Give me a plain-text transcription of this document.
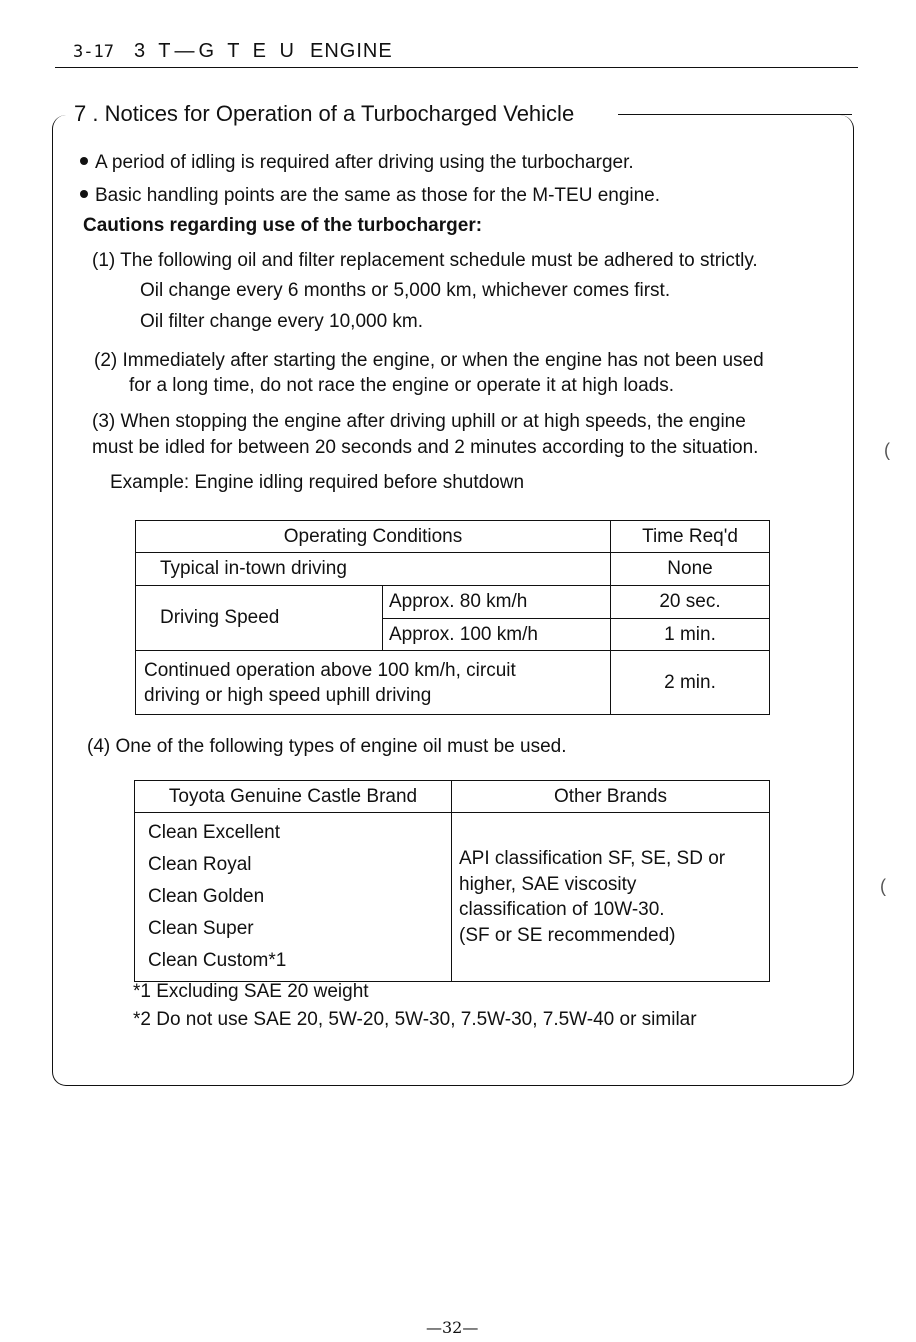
3-17 3 T—G T E U ENGINE
7 . Notices for Operation of a Turbocharged Vehicle
A period of idling is required after driving using the turbocharger.
Basic handling points are the same as those for the M-TEU engine.
Cautions regarding use of the turbocharger:
(1) The following oil and filter replacement schedule must be adhered to strictly.
Oil change every 6 months or 5,000 km, whichever comes first.
Oil filter change every 10,000 km.
(2) Immediately after starting the engine, or when the engine has not been used
for a long time, do not race the engine or operate it at high loads.
(3) When stopping the engine after driving uphill or at high speeds, the engine
must be idled for between 20 seconds and 2 minutes according to the situation.
Example: Engine idling required before shutdown
Operating Conditions		Time Req'd
Typical in-town driving		None
Driving Speed	Approx. 80 km/h	20 sec.
	Approx. 100 km/h	1 min.
Continued operation above 100 km/h, circuit
driving or high speed uphill driving		2 min.
(4) One of the following types of engine oil must be used.
Toyota Genuine Castle Brand	Other Brands
Clean Excellent
Clean Royal
Clean Golden
Clean Super
Clean Custom*1	API classification SF, SE, SD or
higher, SAE viscosity
classification of 10W-30.
(SF or SE recommended)
*1 Excluding SAE 20 weight
*2 Do not use SAE 20, 5W-20, 5W-30, 7.5W-30, 7.5W-40 or similar
(
(
—32—
